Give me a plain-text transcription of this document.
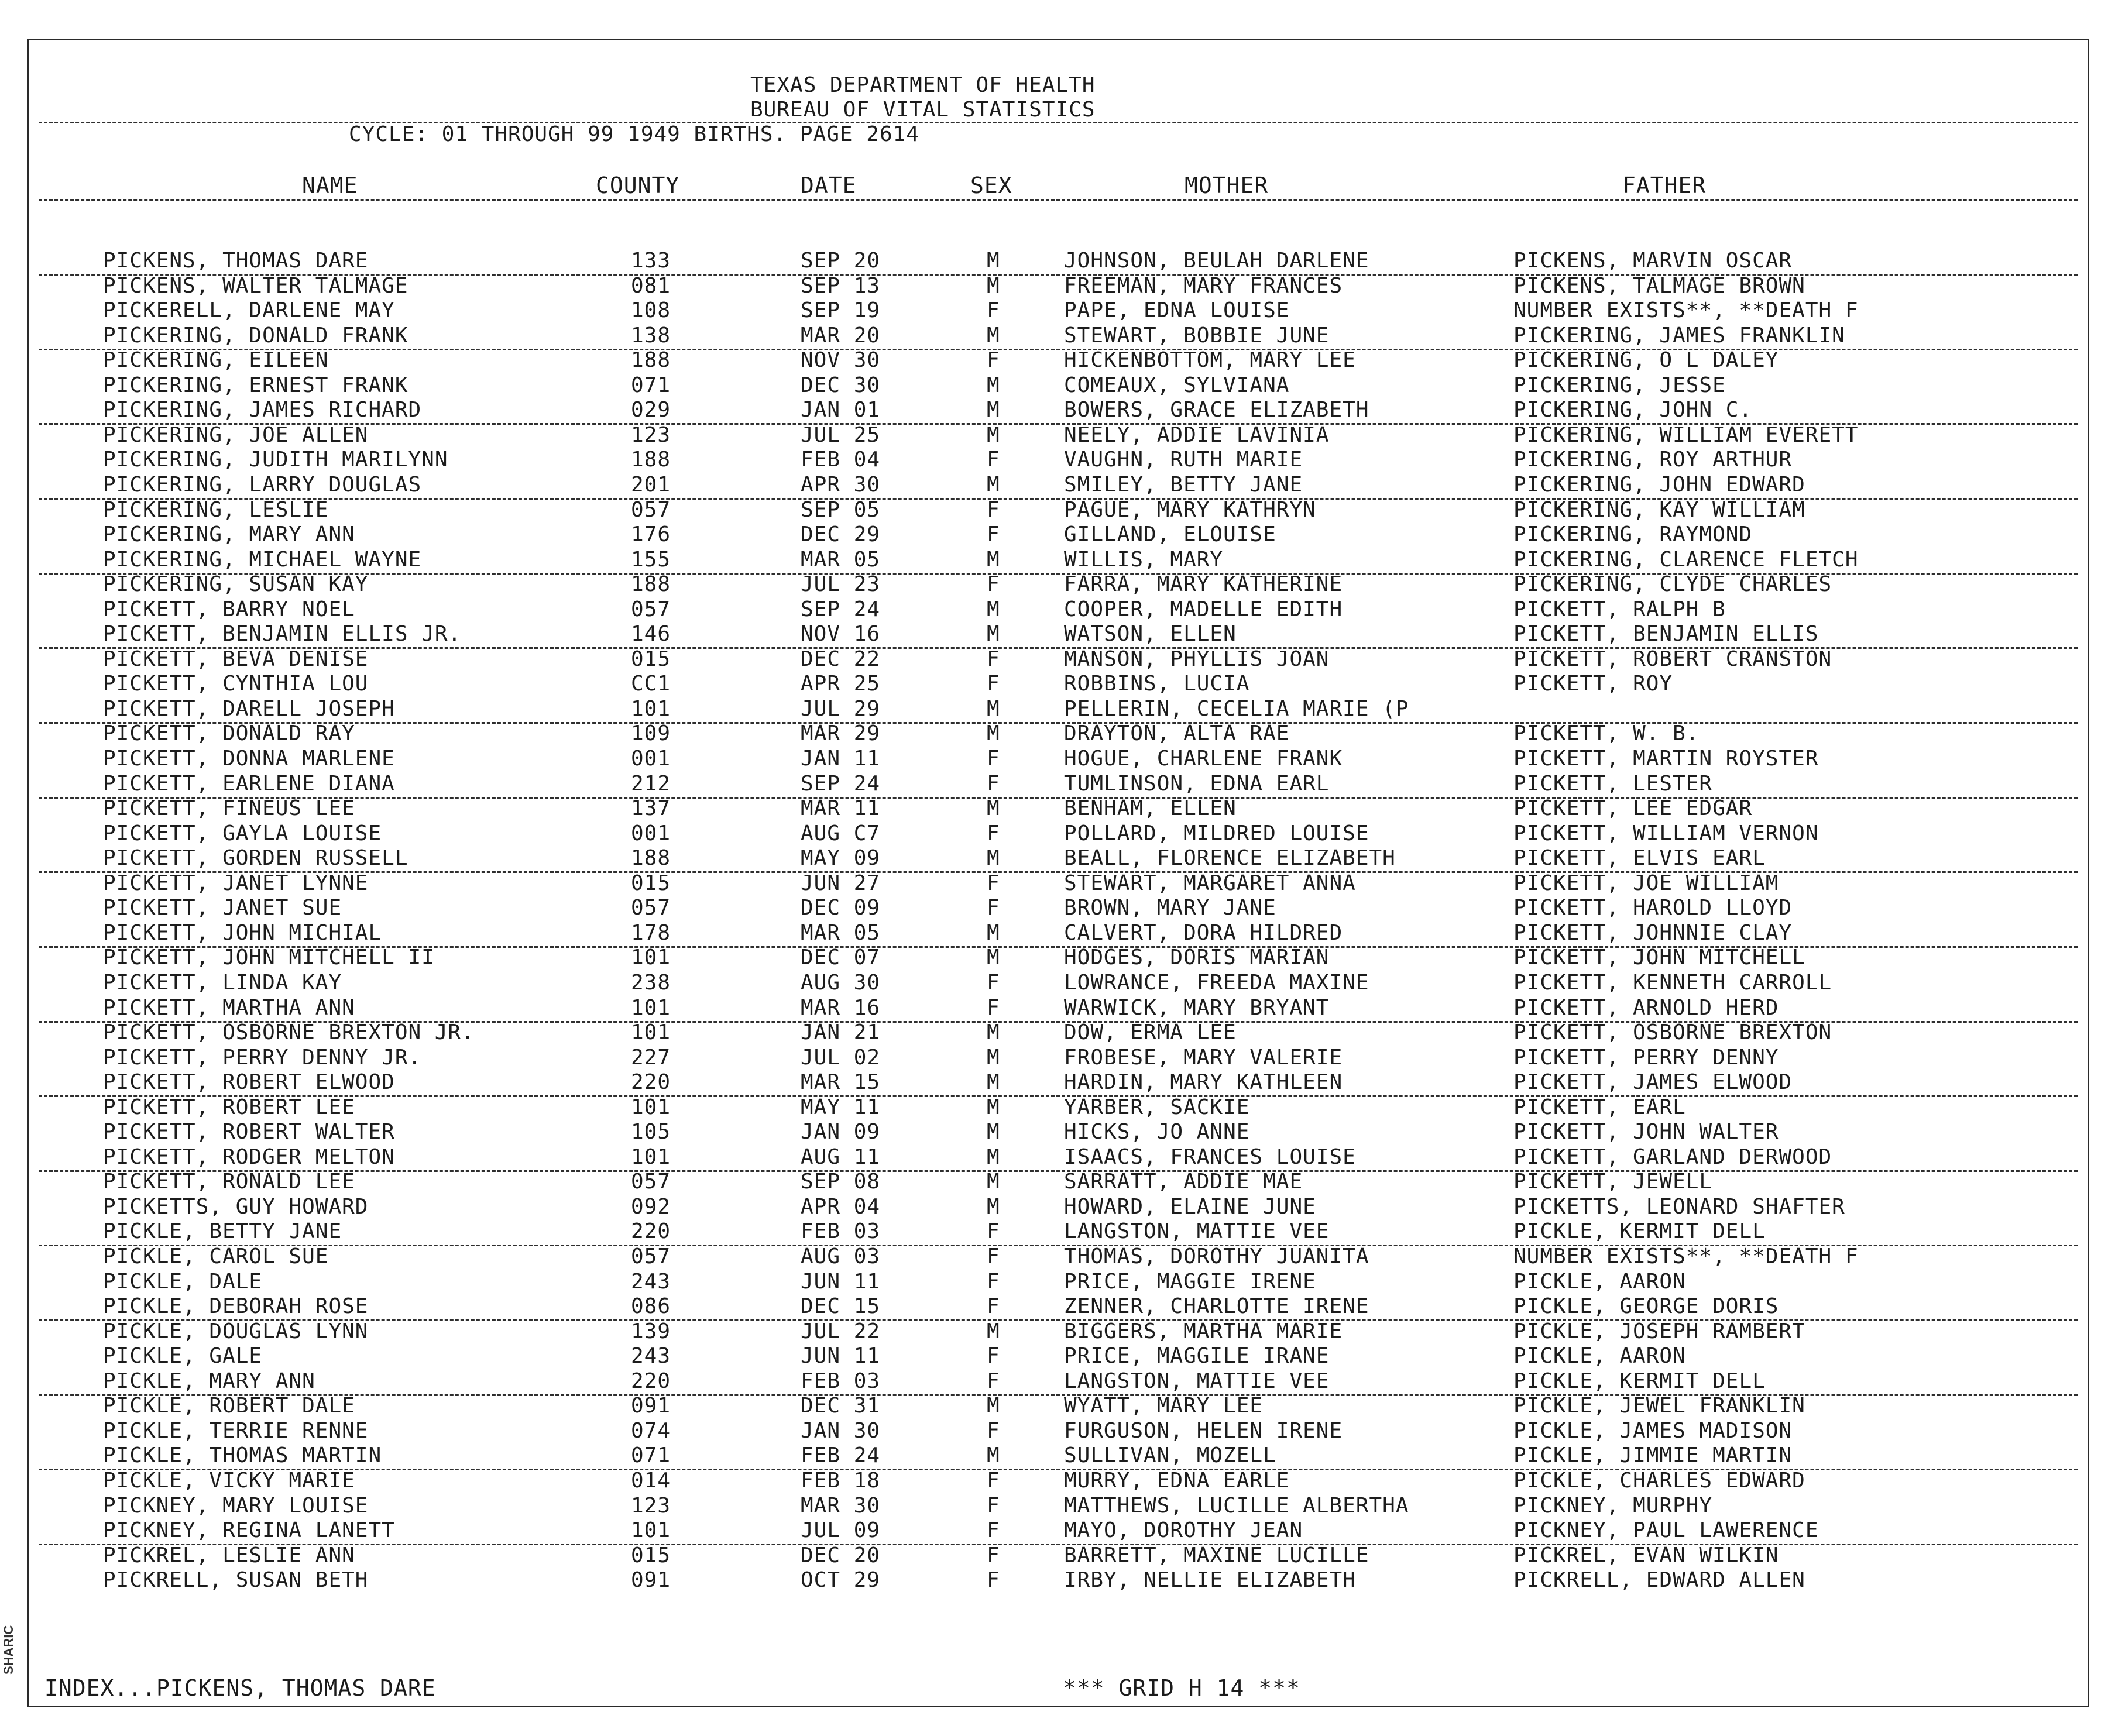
SHARIC
TEXAS DEPARTMENT OF HEALTH
BUREAU OF VITAL STATISTICS
CYCLE: 01 THROUGH 99 1949 BIRTHS. PAGE 2614
NAME	COUNTY	DATE	SEX	MOTHER	FATHER
PICKENS, THOMAS DARE	133	SEP 20	M	JOHNSON, BEULAH DARLENE	PICKENS, MARVIN OSCAR
PICKENS, WALTER TALMAGE	081	SEP 13	M	FREEMAN, MARY FRANCES	PICKENS, TALMAGE BROWN
PICKERELL, DARLENE MAY	108	SEP 19	F	PAPE, EDNA LOUISE	NUMBER EXISTS**, **DEATH F
PICKERING, DONALD FRANK	138	MAR 20	M	STEWART, BOBBIE JUNE	PICKERING, JAMES FRANKLIN
PICKERING, EILEEN	188	NOV 30	F	HICKENBOTTOM, MARY LEE	PICKERING, O L DALEY
PICKERING, ERNEST FRANK	071	DEC 30	M	COMEAUX, SYLVIANA	PICKERING, JESSE
PICKERING, JAMES RICHARD	029	JAN 01	M	BOWERS, GRACE ELIZABETH	PICKERING, JOHN C.
PICKERING, JOE ALLEN	123	JUL 25	M	NEELY, ADDIE LAVINIA	PICKERING, WILLIAM EVERETT
PICKERING, JUDITH MARILYNN	188	FEB 04	F	VAUGHN, RUTH MARIE	PICKERING, ROY ARTHUR
PICKERING, LARRY DOUGLAS	201	APR 30	M	SMILEY, BETTY JANE	PICKERING, JOHN EDWARD
PICKERING, LESLIE	057	SEP 05	F	PAGUE, MARY KATHRYN	PICKERING, KAY WILLIAM
PICKERING, MARY ANN	176	DEC 29	F	GILLAND, ELOUISE	PICKERING, RAYMOND
PICKERING, MICHAEL WAYNE	155	MAR 05	M	WILLIS, MARY	PICKERING, CLARENCE FLETCH
PICKERING, SUSAN KAY	188	JUL 23	F	FARRA, MARY KATHERINE	PICKERING, CLYDE CHARLES
PICKETT, BARRY NOEL	057	SEP 24	M	COOPER, MADELLE EDITH	PICKETT, RALPH B
PICKETT, BENJAMIN ELLIS JR.	146	NOV 16	M	WATSON, ELLEN	PICKETT, BENJAMIN ELLIS
PICKETT, BEVA DENISE	015	DEC 22	F	MANSON, PHYLLIS JOAN	PICKETT, ROBERT CRANSTON
PICKETT, CYNTHIA LOU	CC1	APR 25	F	ROBBINS, LUCIA	PICKETT, ROY
PICKETT, DARELL JOSEPH	101	JUL 29	M	PELLERIN, CECELIA MARIE (P
PICKETT, DONALD RAY	109	MAR 29	M	DRAYTON, ALTA RAE	PICKETT, W. B.
PICKETT, DONNA MARLENE	001	JAN 11	F	HOGUE, CHARLENE FRANK	PICKETT, MARTIN ROYSTER
PICKETT, EARLENE DIANA	212	SEP 24	F	TUMLINSON, EDNA EARL	PICKETT, LESTER
PICKETT, FINEUS LEE	137	MAR 11	M	BENHAM, ELLEN	PICKETT, LEE EDGAR
PICKETT, GAYLA LOUISE	001	AUG C7	F	POLLARD, MILDRED LOUISE	PICKETT, WILLIAM VERNON
PICKETT, GORDEN RUSSELL	188	MAY 09	M	BEALL, FLORENCE ELIZABETH	PICKETT, ELVIS EARL
PICKETT, JANET LYNNE	015	JUN 27	F	STEWART, MARGARET ANNA	PICKETT, JOE WILLIAM
PICKETT, JANET SUE	057	DEC 09	F	BROWN, MARY JANE	PICKETT, HAROLD LLOYD
PICKETT, JOHN MICHIAL	178	MAR 05	M	CALVERT, DORA HILDRED	PICKETT, JOHNNIE CLAY
PICKETT, JOHN MITCHELL II	101	DEC 07	M	HODGES, DORIS MARIAN	PICKETT, JOHN MITCHELL
PICKETT, LINDA KAY	238	AUG 30	F	LOWRANCE, FREEDA MAXINE	PICKETT, KENNETH CARROLL
PICKETT, MARTHA ANN	101	MAR 16	F	WARWICK, MARY BRYANT	PICKETT, ARNOLD HERD
PICKETT, OSBORNE BREXTON JR.	101	JAN 21	M	DOW, ERMA LEE	PICKETT, OSBORNE BREXTON
PICKETT, PERRY DENNY JR.	227	JUL 02	M	FROBESE, MARY VALERIE	PICKETT, PERRY DENNY
PICKETT, ROBERT ELWOOD	220	MAR 15	M	HARDIN, MARY KATHLEEN	PICKETT, JAMES ELWOOD
PICKETT, ROBERT LEE	101	MAY 11	M	YARBER, SACKIE	PICKETT, EARL
PICKETT, ROBERT WALTER	105	JAN 09	M	HICKS, JO ANNE	PICKETT, JOHN WALTER
PICKETT, RODGER MELTON	101	AUG 11	M	ISAACS, FRANCES LOUISE	PICKETT, GARLAND DERWOOD
PICKETT, RONALD LEE	057	SEP 08	M	SARRATT, ADDIE MAE	PICKETT, JEWELL
PICKETTS, GUY HOWARD	092	APR 04	M	HOWARD, ELAINE JUNE	PICKETTS, LEONARD SHAFTER
PICKLE, BETTY JANE	220	FEB 03	F	LANGSTON, MATTIE VEE	PICKLE, KERMIT DELL
PICKLE, CAROL SUE	057	AUG 03	F	THOMAS, DOROTHY JUANITA	NUMBER EXISTS**, **DEATH F
PICKLE, DALE	243	JUN 11	F	PRICE, MAGGIE IRENE	PICKLE, AARON
PICKLE, DEBORAH ROSE	086	DEC 15	F	ZENNER, CHARLOTTE IRENE	PICKLE, GEORGE DORIS
PICKLE, DOUGLAS LYNN	139	JUL 22	M	BIGGERS, MARTHA MARIE	PICKLE, JOSEPH RAMBERT
PICKLE, GALE	243	JUN 11	F	PRICE, MAGGILE IRANE	PICKLE, AARON
PICKLE, MARY ANN	220	FEB 03	F	LANGSTON, MATTIE VEE	PICKLE, KERMIT DELL
PICKLE, ROBERT DALE	091	DEC 31	M	WYATT, MARY LEE	PICKLE, JEWEL FRANKLIN
PICKLE, TERRIE RENNE	074	JAN 30	F	FURGUSON, HELEN IRENE	PICKLE, JAMES MADISON
PICKLE, THOMAS MARTIN	071	FEB 24	M	SULLIVAN, MOZELL	PICKLE, JIMMIE MARTIN
PICKLE, VICKY MARIE	014	FEB 18	F	MURRY, EDNA EARLE	PICKLE, CHARLES EDWARD
PICKNEY, MARY LOUISE	123	MAR 30	F	MATTHEWS, LUCILLE ALBERTHA	PICKNEY, MURPHY
PICKNEY, REGINA LANETT	101	JUL 09	F	MAYO, DOROTHY JEAN	PICKNEY, PAUL LAWERENCE
PICKREL, LESLIE ANN	015	DEC 20	F	BARRETT, MAXINE LUCILLE	PICKREL, EVAN WILKIN
PICKRELL, SUSAN BETH	091	OCT 29	F	IRBY, NELLIE ELIZABETH	PICKRELL, EDWARD ALLEN
INDEX...PICKENS, THOMAS DARE	*** GRID H 14 ***
